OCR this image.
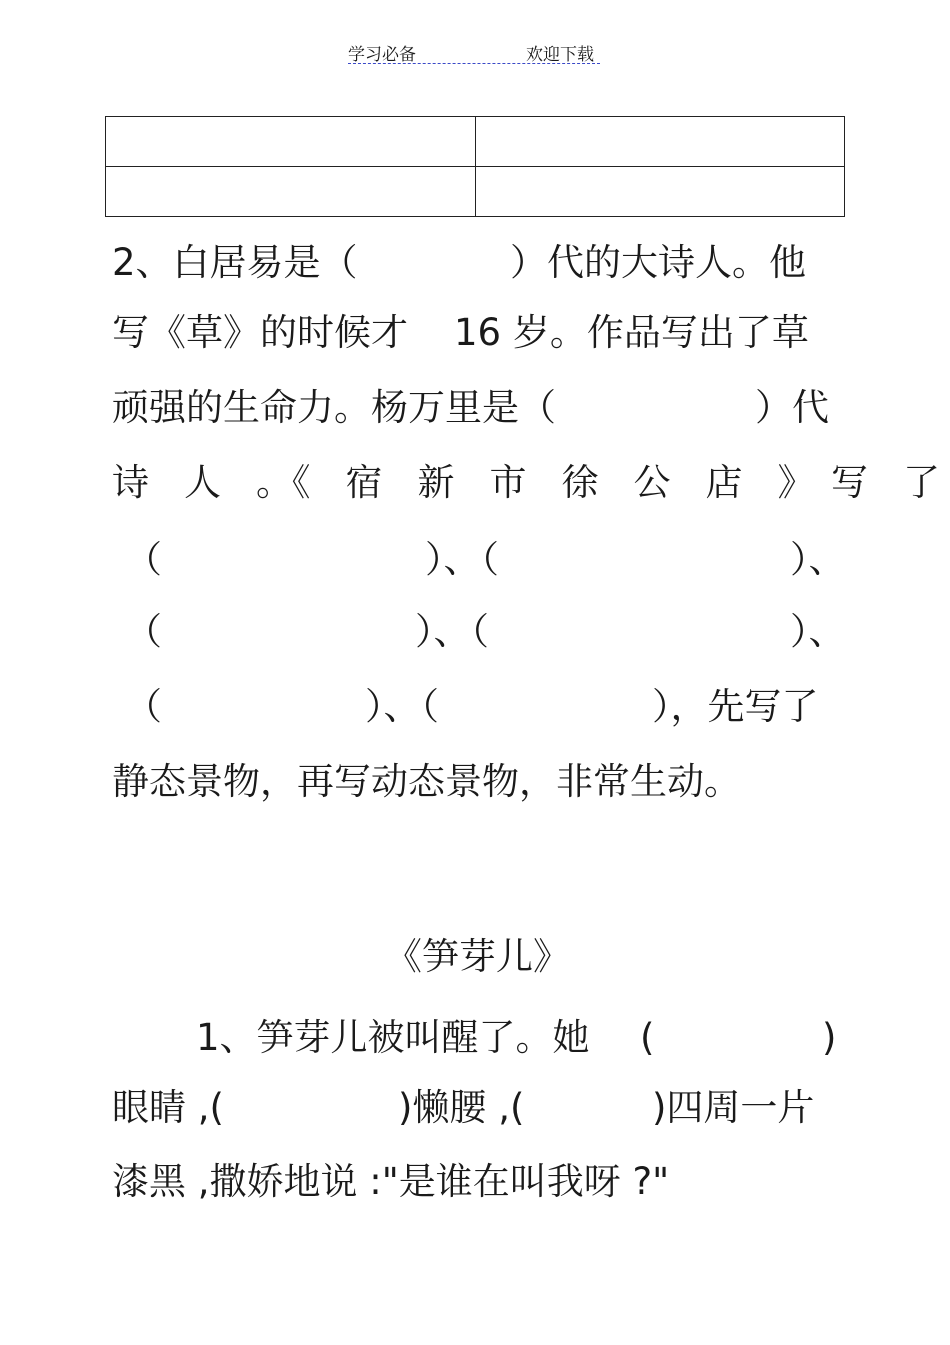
学习必备	欢迎下载

2、白居易是（	）代的大诗人。他
写《草》的时候才 16 岁。作品写出了草
顽强的生命力。杨万里是（	）代
诗　人　。《　宿　新　市　徐　公　店　》　写　了
（	）、（	）、
（	）、（	）、
（	）、（	），先写了
静态景物，再写动态景物，非常生动。
《笋芽儿》
1、笋芽儿被叫醒了。她 (	)
眼睛 ,(	)懒腰 ,(	)四周一片
漆黑 ,撒娇地说 :"是谁在叫我呀 ?"
